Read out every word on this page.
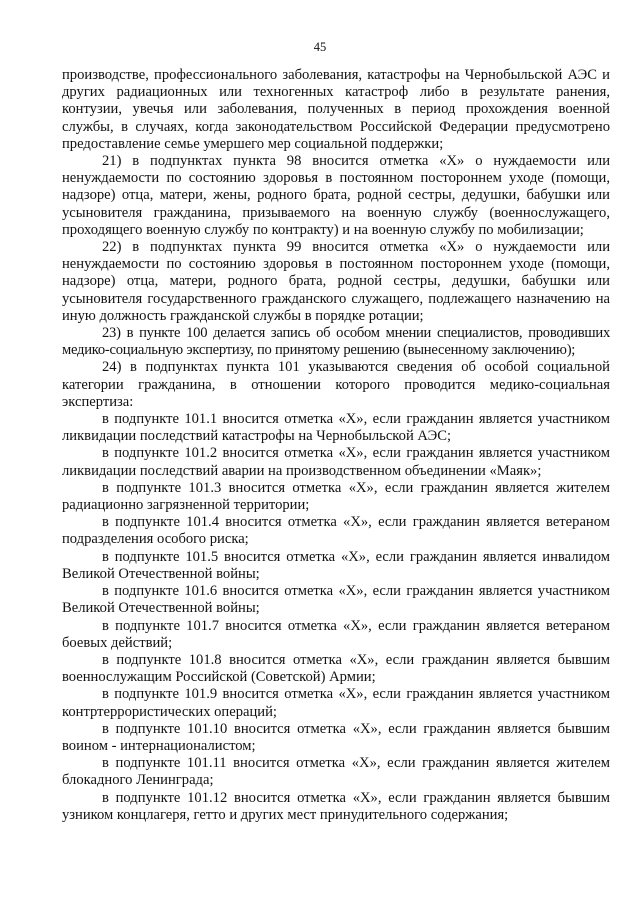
45

производстве, профессионального заболевания, катастрофы на Чернобыльской АЭС и других радиационных или техногенных катастроф либо в результате ранения, контузии, увечья или заболевания, полученных в период прохождения военной службы, в случаях, когда законодательством Российской Федерации предусмотрено предоставление семье умершего мер социальной поддержки;

21) в подпунктах пункта 98 вносится отметка «Х» о нуждаемости или ненуждаемости по состоянию здоровья в постоянном постороннем уходе (помощи, надзоре) отца, матери, жены, родного брата, родной сестры, дедушки, бабушки или усыновителя гражданина, призываемого на военную службу (военнослужащего, проходящего военную службу по контракту) и на военную службу по мобилизации;

22) в подпунктах пункта 99 вносится отметка «Х» о нуждаемости или ненуждаемости по состоянию здоровья в постоянном постороннем уходе (помощи, надзоре) отца, матери, родного брата, родной сестры, дедушки, бабушки или усыновителя государственного гражданского служащего, подлежащего назначению на иную должность гражданской службы в порядке ротации;

23) в пункте 100 делается запись об особом мнении специалистов, проводивших медико-социальную экспертизу, по принятому решению (вынесенному заключению);

24) в подпунктах пункта 101 указываются сведения об особой социальной категории гражданина, в отношении которого проводится медико-социальная экспертиза:

в подпункте 101.1 вносится отметка «Х», если гражданин является участником ликвидации последствий катастрофы на Чернобыльской АЭС;

в подпункте 101.2 вносится отметка «Х», если гражданин является участником ликвидации последствий аварии на производственном объединении «Маяк»;

в подпункте 101.3 вносится отметка «Х», если гражданин является жителем радиационно загрязненной территории;

в подпункте 101.4 вносится отметка «Х», если гражданин является ветераном подразделения особого риска;

в подпункте 101.5 вносится отметка «Х», если гражданин является инвалидом Великой Отечественной войны;

в подпункте 101.6 вносится отметка «Х», если гражданин является участником Великой Отечественной войны;

в подпункте 101.7 вносится отметка «Х», если гражданин является ветераном боевых действий;

в подпункте 101.8 вносится отметка «Х», если гражданин является бывшим военнослужащим Российской (Советской) Армии;

в подпункте 101.9 вносится отметка «Х», если гражданин является участником контртеррористических операций;

в подпункте 101.10 вносится отметка «Х», если гражданин является бывшим воином - интернационалистом;

в подпункте 101.11 вносится отметка «Х», если гражданин является жителем блокадного Ленинграда;

в подпункте 101.12 вносится отметка «Х», если гражданин является бывшим узником концлагеря, гетто и других мест принудительного содержания;
